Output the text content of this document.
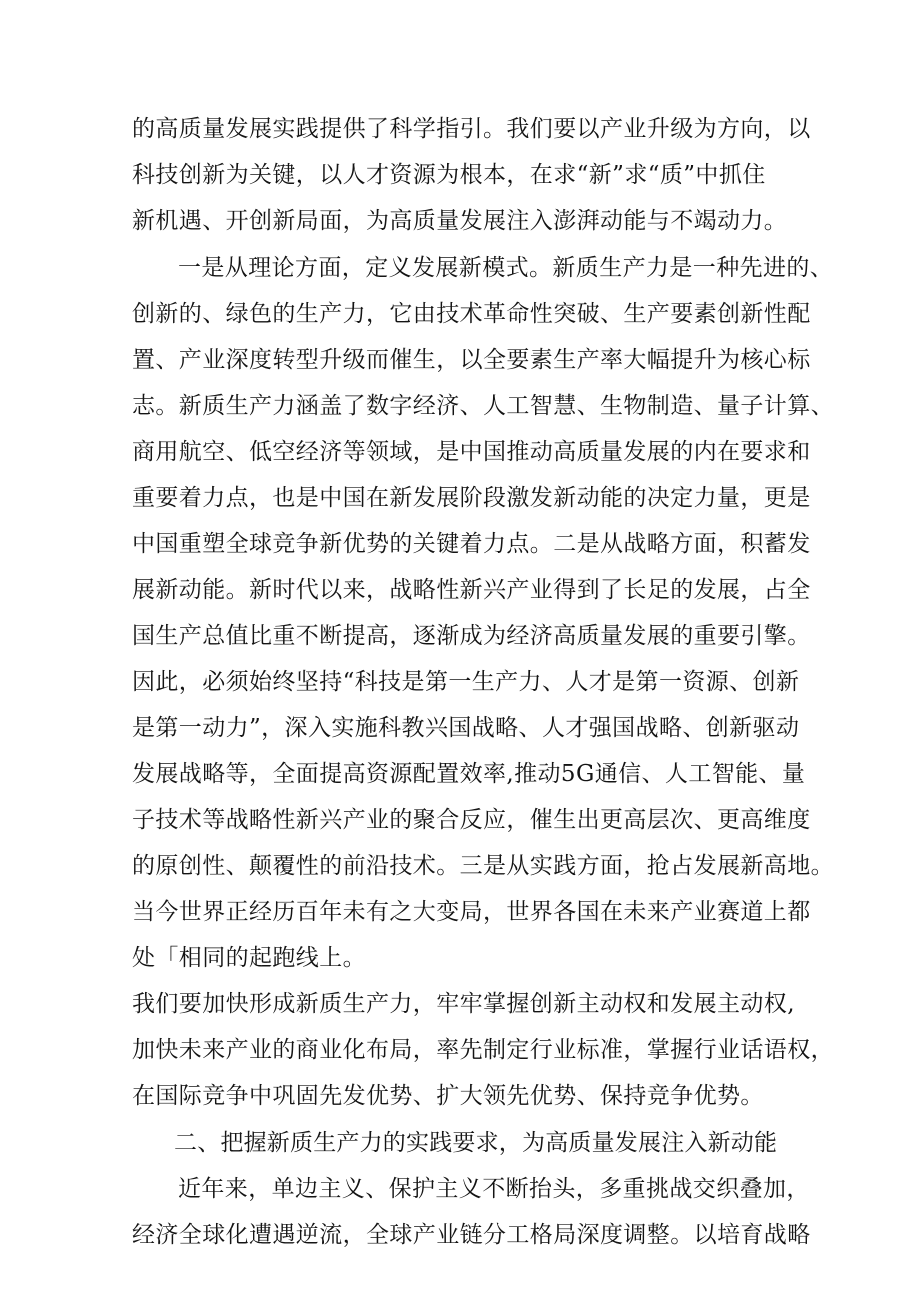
的高质量发展实践提供了科学指引。我们要以产业升级为方向，以
科技创新为关键，以人才资源为根本，在求“新”求“质”中抓住
新机遇、开创新局面，为高质量发展注入澎湃动能与不竭动力。
一是从理论方面，定义发展新模式。新质生产力是一种先进的、
创新的、绿色的生产力，它由技术革命性突破、生产要素创新性配
置、产业深度转型升级而催生，以全要素生产率大幅提升为核心标
志。新质生产力涵盖了数字经济、人工智慧、生物制造、量子计算、
商用航空、低空经济等领域，是中国推动高质量发展的内在要求和
重要着力点，也是中国在新发展阶段激发新动能的决定力量，更是
中国重塑全球竞争新优势的关键着力点。二是从战略方面，积蓄发
展新动能。新时代以来，战略性新兴产业得到了长足的发展，占全
国生产总值比重不断提高，逐渐成为经济高质量发展的重要引擎。
因此，必须始终坚持“科技是第一生产力、人才是第一资源、创新
是第一动力”，深入实施科教兴国战略、人才强国战略、创新驱动
发展战略等，全面提高资源配置效率,推动5G通信、人工智能、量
子技术等战略性新兴产业的聚合反应，催生出更高层次、更高维度
的原创性、颠覆性的前沿技术。三是从实践方面，抢占发展新高地。
当今世界正经历百年未有之大变局，世界各国在未来产业赛道上都
处「相同的起跑线上。
我们要加快形成新质生产力，牢牢掌握创新主动权和发展主动权,
加快未来产业的商业化布局，率先制定行业标准，掌握行业话语权，
在国际竞争中巩固先发优势、扩大领先优势、保持竞争优势。
二、把握新质生产力的实践要求，为高质量发展注入新动能
近年来，单边主义、保护主义不断抬头，多重挑战交织叠加，
经济全球化遭遇逆流，全球产业链分工格局深度调整。以培育战略
